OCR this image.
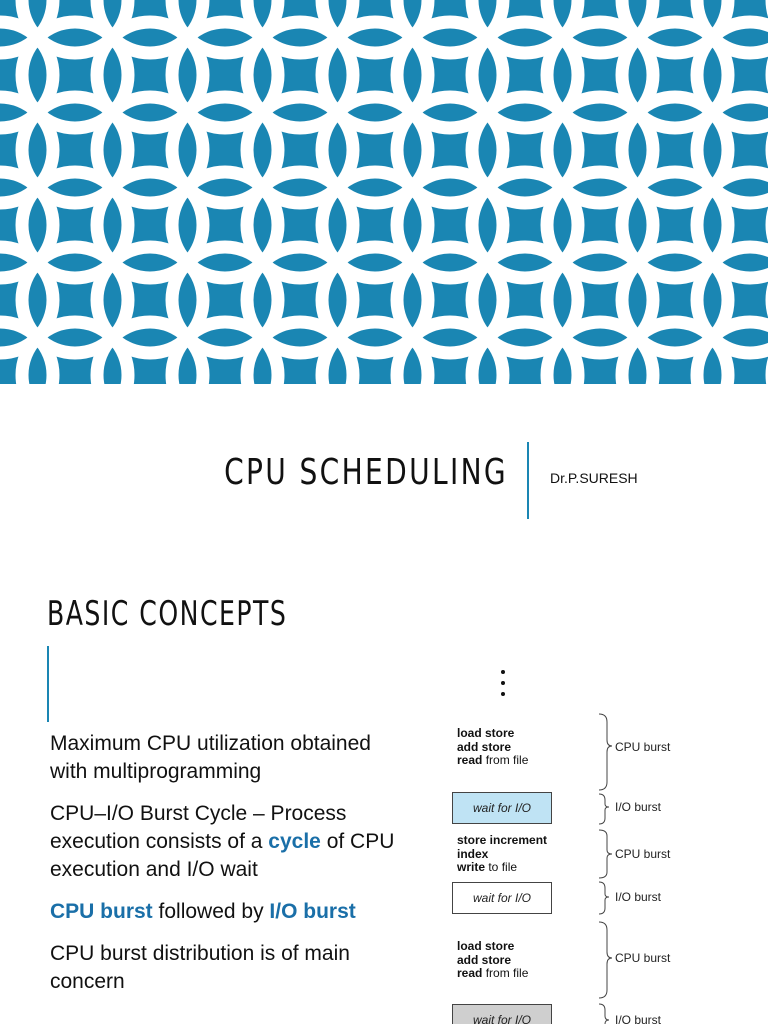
CPU SCHEDULING	Dr.P.SURESH
BASIC CONCEPTS
Maximum CPU utilization obtained with multiprogramming
CPU–I/O Burst Cycle – Process execution consists of a cycle of CPU execution and I/O wait
CPU burst followed by I/O burst
CPU burst distribution is of main concern
load store
add store
read from file
wait for I/O
store increment
index
write to file
wait for I/O
load store
add store
read from file
wait for I/O
CPU burst
I/O burst
CPU burst
I/O burst
CPU burst
I/O burst
